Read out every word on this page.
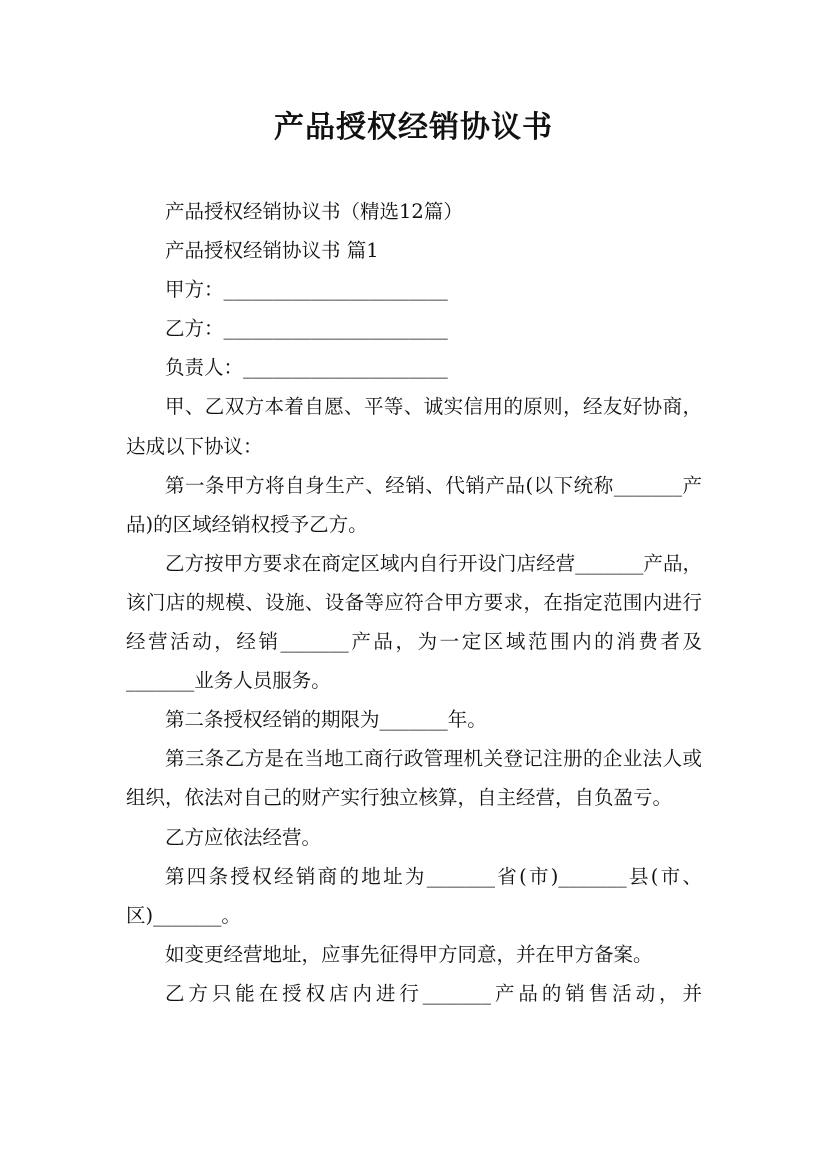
产品授权经销协议书

产品授权经销协议书（精选12篇）

产品授权经销协议书 篇1

甲方：_______________________

乙方：_______________________

负责人：_____________________

甲、乙双方本着自愿、平等、诚实信用的原则，经友好协商，达成以下协议：

第一条甲方将自身生产、经销、代销产品(以下统称_______产品)的区域经销权授予乙方。

乙方按甲方要求在商定区域内自行开设门店经营_______产品，该门店的规模、设施、设备等应符合甲方要求，在指定范围内进行经营活动，经销_______产品，为一定区域范围内的消费者及_______业务人员服务。

第二条授权经销的期限为_______年。

第三条乙方是在当地工商行政管理机关登记注册的企业法人或组织，依法对自己的财产实行独立核算，自主经营，自负盈亏。

乙方应依法经营。

第四条授权经销商的地址为_______省(市)_______县(市、区)_______。

如变更经营地址，应事先征得甲方同意，并在甲方备案。

乙方只能在授权店内进行_______产品的销售活动，并
